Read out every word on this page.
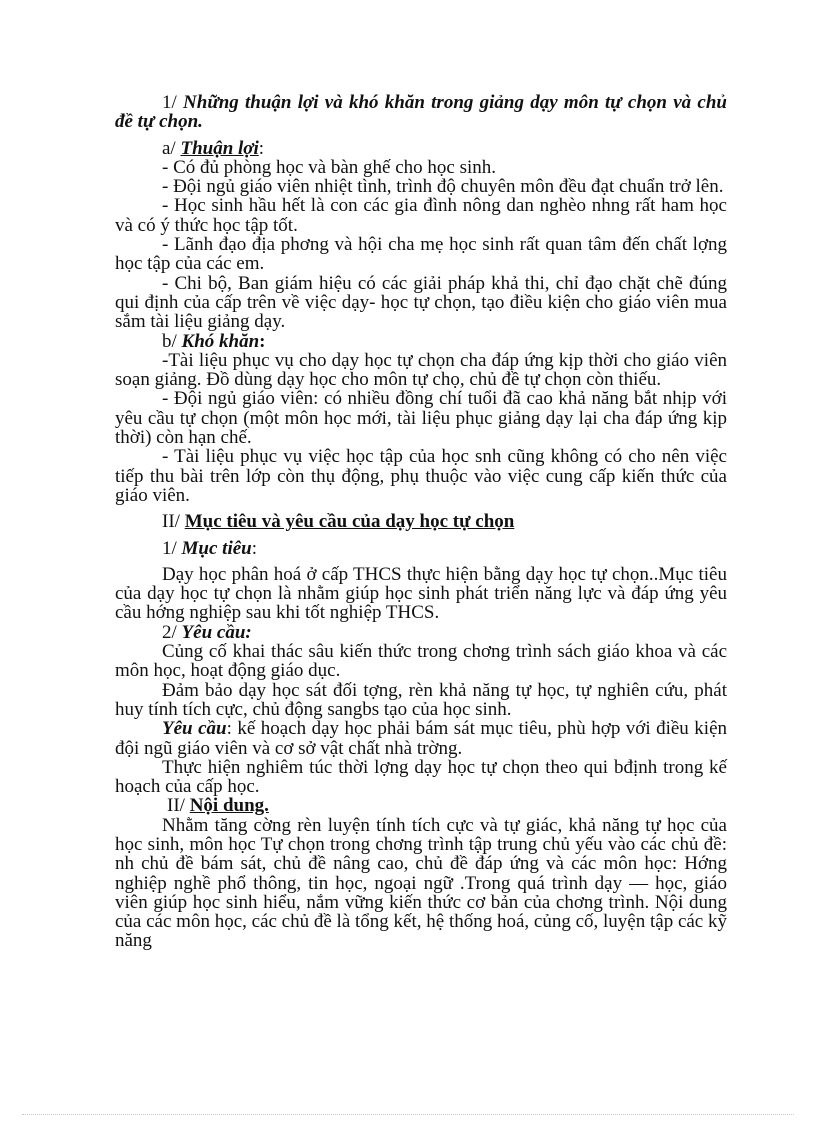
1/ Những thuận lợi và khó khăn trong giảng dạy môn tự chọn và chủ đề tự chọn.
a/ Thuận lợi:
- Có đủ phòng học và bàn ghế cho học sinh.
- Đội ngủ giáo viên nhiệt tình, trình độ chuyên môn đều đạt chuẩn trở lên.
- Học sinh hầu hết là con các gia đình nông dan nghèo nhng rất ham học và có ý thức học tập tốt.
- Lãnh đạo địa phơng và hội cha mẹ học sinh rất quan tâm đến chất lợng học tập của các em.
- Chi bộ, Ban giám hiệu có các giải pháp khả thi, chỉ đạo chặt chẽ đúng qui định của cấp trên về việc dạy- học tự chọn, tạo điều kiện cho giáo viên mua sắm tài liệu giảng dạy.
b/ Khó khăn:
-Tài liệu phục vụ cho dạy học tự chọn cha đáp ứng kịp thời cho giáo viên soạn giảng. Đồ dùng dạy học cho môn tự chọ, chủ đề tự chọn còn thiếu.
- Đội ngủ giáo viên: có nhiều đồng chí tuổi đã cao khả năng bắt nhịp với yêu cầu tự chọn (một môn học mới, tài liệu phục giảng dạy lại cha đáp ứng kịp thời) còn hạn chế.
- Tài liệu phục vụ việc học tập của học snh cũng không có cho nên việc tiếp thu bài trên lớp còn thụ động, phụ thuộc vào việc cung cấp kiến thức của giáo viên.
II/ Mục tiêu và yêu cầu của dạy học tự chọn
1/ Mục tiêu:
Dạy học phân hoá ở cấp THCS thực hiện bằng dạy học tự chọn..Mục tiêu của dạy học tự chọn là nhằm giúp học sinh phát triển năng lực và đáp ứng yêu cầu hớng nghiệp sau khi tốt nghiệp THCS.
2/ Yêu cầu:
Củng cố khai thác sâu kiến thức trong chơng trình sách giáo khoa và các môn học, hoạt động giáo dục.
Đảm bảo dạy học sát đối tợng, rèn khả năng tự học, tự nghiên cứu, phát huy tính tích cực, chủ động sangbs tạo của học sinh.
Yêu cầu: kế hoạch dạy học phải bám sát mục tiêu, phù hợp với điều kiện đội ngũ giáo viên và cơ sở vật chất nhà trờng.
Thực hiện nghiêm túc thời lợng dạy học tự chọn theo qui bđịnh trong kế hoạch của cấp học.
II/ Nội dung.
Nhằm tăng cờng rèn luyện tính tích cực và tự giác, khả năng tự học của học sinh, môn học Tự chọn trong chơng trình tập trung chủ yếu vào các chủ đề: nh chủ đề bám sát, chủ đề nâng cao, chủ đề đáp ứng và các môn học: Hớng nghiệp nghề phổ thông, tin học, ngoại ngữ .Trong quá trình dạy — học, giáo viên giúp học sinh hiểu, nắm vững kiến thức cơ bản của chơng trình. Nội dung của các môn học, các chủ đề là tổng kết, hệ thống hoá, củng cố, luyện tập các kỹ năng
